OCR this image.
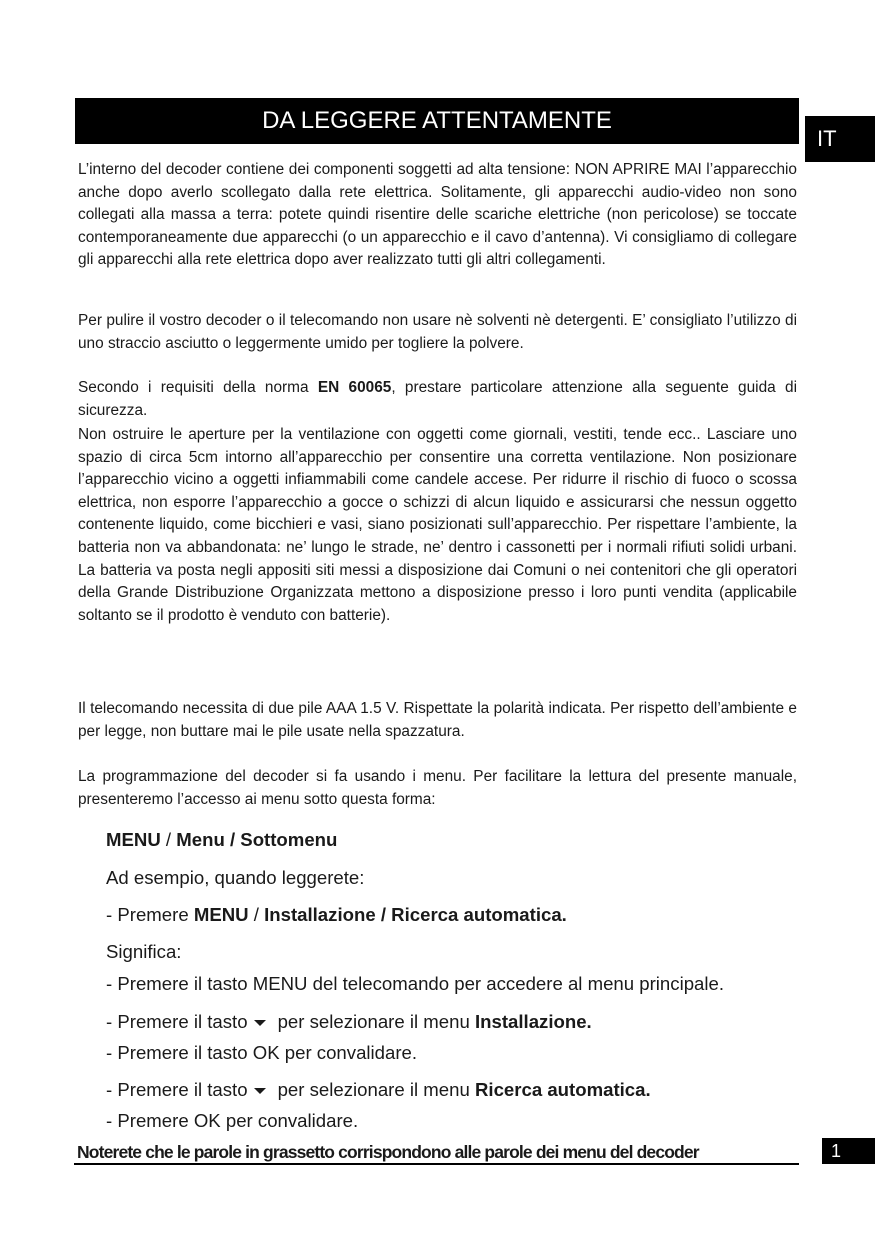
DA LEGGERE ATTENTAMENTE
IT

L’interno del decoder contiene dei componenti soggetti ad alta tensione: NON APRIRE MAI l’apparecchio anche dopo averlo scollegato dalla rete elettrica. Solitamente, gli apparecchi audio-video non sono collegati alla massa a terra: potete quindi risentire delle scariche elettriche (non pericolose) se toccate contemporaneamente due apparecchi (o un apparecchio e il cavo d’antenna). Vi consigliamo di collegare gli apparecchi alla rete elettrica dopo aver realizzato tutti gli altri collegamenti.

Per pulire il vostro decoder o il telecomando non usare nè solventi nè detergenti. E’ consigliato l’utilizzo di uno straccio asciutto o leggermente umido per togliere la polvere.

Secondo i requisiti della norma EN 60065, prestare particolare attenzione alla seguente guida di sicurezza.

Non ostruire le aperture per la ventilazione con oggetti come giornali, vestiti, tende ecc.. Lasciare uno spazio di circa 5cm intorno all’apparecchio per consentire una corretta ventilazione. Non posizionare l’apparecchio vicino a oggetti infiammabili come candele accese. Per ridurre il rischio di fuoco o scossa elettrica, non esporre l’apparecchio a gocce o schizzi di alcun liquido e assicurarsi che nessun oggetto contenente liquido, come bicchieri e vasi, siano posizionati sull’apparecchio. Per rispettare l’ambiente, la batteria non va abbandonata: ne’ lungo le strade, ne’ dentro i cassonetti per i normali rifiuti solidi urbani. La batteria va posta negli appositi siti messi a disposizione dai Comuni o nei contenitori che gli operatori della Grande Distribuzione Organizzata mettono a disposizione presso i loro punti vendita (applicabile soltanto se il prodotto è venduto con batterie).

Il telecomando necessita di due pile AAA 1.5 V. Rispettate la polarità indicata. Per rispetto dell’ambiente e per legge, non buttare mai le pile usate nella spazzatura.

La programmazione del decoder si fa usando i menu. Per facilitare la lettura del presente manuale, presenteremo l’accesso ai menu sotto questa forma:

MENU / Menu / Sottomenu
Ad esempio, quando leggerete:
- Premere MENU / Installazione / Ricerca automatica.
Significa:
- Premere il tasto MENU del telecomando per accedere al menu principale.
- Premere il tasto per selezionare il menu Installazione.
- Premere il tasto OK per convalidare.
- Premere il tasto per selezionare il menu Ricerca automatica.
- Premere OK per convalidare.
Noterete che le parole in grassetto corrispondono alle parole dei menu del decoder	1
